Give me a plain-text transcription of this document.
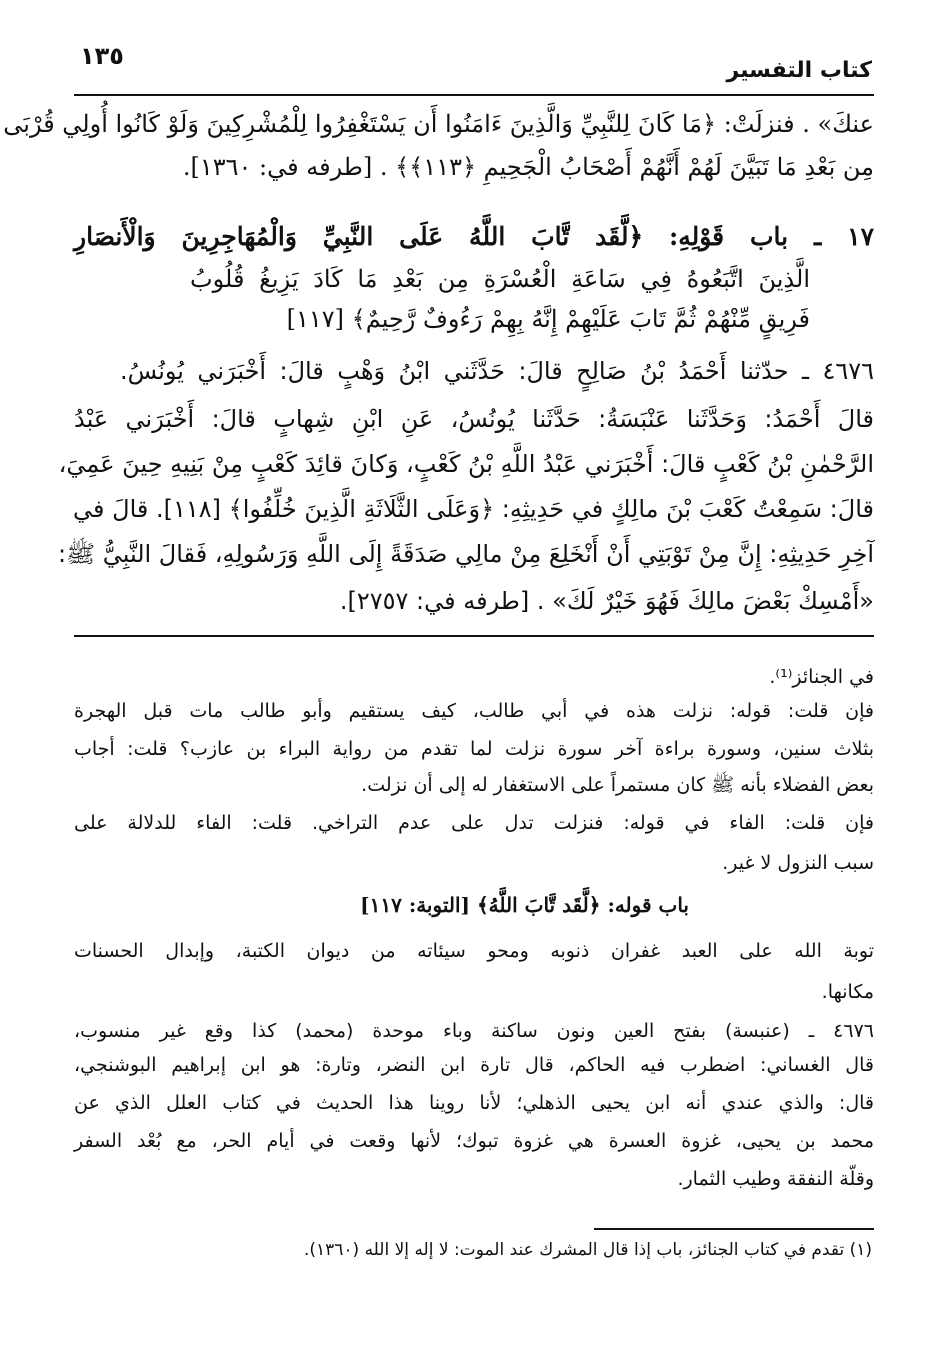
١٣٥
كتاب التفسير
عنكَ» . فنزلَتْ: ﴿مَا كَانَ لِلنَّبِيِّ وَالَّذِينَ ءَامَنُوا أَن يَسْتَغْفِرُوا لِلْمُشْرِكِينَ وَلَوْ كَانُوا أُولِي قُرْبَى
مِن بَعْدِ مَا تَبَيَّنَ لَهُمْ أَنَّهُمْ أَصْحَابُ الْجَحِيمِ ﴿١١٣﴾﴾ . [طرفه في: ١٣٦٠].
١٧ ـ باب قَوْلِهِ: ﴿لَّقَد تَّابَ اللَّهُ عَلَى النَّبِيِّ وَالْمُهَاجِرِينَ وَالْأَنصَارِ
الَّذِينَ اتَّبَعُوهُ فِي سَاعَةِ الْعُسْرَةِ مِن بَعْدِ مَا كَادَ يَزِيغُ قُلُوبُ
فَرِيقٍ مِّنْهُمْ ثُمَّ تَابَ عَلَيْهِمْ إِنَّهُ بِهِمْ رَءُوفٌ رَّحِيمٌ﴾ [١١٧]
٤٦٧٦ ـ حدّثنا أَحْمَدُ بْنُ صَالِحٍ قالَ: حَدَّثَني ابْنُ وَهْبٍ قالَ: أَخْبَرَني يُونُسُ.
قالَ أَحْمَدُ: وَحَدَّثَنا عَنْبَسَةُ: حَدَّثَنا يُونُسُ، عَنِ ابْنِ شِهابٍ قالَ: أَخْبَرَني عَبْدُ
الرَّحْمٰنِ بْنُ كَعْبٍ قالَ: أَخْبَرَني عَبْدُ اللَّهِ بْنُ كَعْبٍ، وَكانَ قائِدَ كَعْبٍ مِنْ بَنِيهِ حِينَ عَمِيَ،
قالَ: سَمِعْتُ كَعْبَ بْنَ مالِكٍ في حَدِيثِهِ: ﴿وَعَلَى الثَّلَاثَةِ الَّذِينَ خُلِّفُوا﴾ [١١٨]. قالَ في
آخِرِ حَدِيثِهِ: إِنَّ مِنْ تَوْبَتِي أَنْ أَنْخَلِعَ مِنْ مالِي صَدَقَةً إِلَى اللَّهِ وَرَسُولِهِ، فَقالَ النَّبِيُّ ﷺ:
«أَمْسِكْ بَعْضَ مالِكَ فَهُوَ خَيْرٌ لَكَ» . [طرفه في: ٢٧٥٧].
في الجنائز⁽¹⁾.
فإن قلت: قوله: نزلت هذه في أبي طالب، كيف يستقيم وأبو طالب مات قبل الهجرة
بثلاث سنين، وسورة براءة آخر سورة نزلت لما تقدم من رواية البراء بن عازب؟ قلت: أجاب
بعض الفضلاء بأنه ﷺ كان مستمراً على الاستغفار له إلى أن نزلت.
فإن قلت: الفاء في قوله: فنزلت تدل على عدم التراخي. قلت: الفاء للدلالة على
سبب النزول لا غير.
باب قوله: ﴿لَّقَد تَّابَ اللَّهُ﴾ [التوبة: ١١٧]
توبة الله على العبد غفران ذنوبه ومحو سيئاته من ديوان الكتبة، وإبدال الحسنات
مكانها.
٤٦٧٦ ـ (عنبسة) بفتح العين ونون ساكنة وباء موحدة (محمد) كذا وقع غير منسوب،
قال الغساني: اضطرب فيه الحاكم، قال تارة ابن النضر، وتارة: هو ابن إبراهيم البوشنجي،
قال: والذي عندي أنه ابن يحيى الذهلي؛ لأنا روينا هذا الحديث في كتاب العلل الذي عن
محمد بن يحيى، غزوة العسرة هي غزوة تبوك؛ لأنها وقعت في أيام الحر، مع بُعْد السفر
وقلّة النفقة وطيب الثمار.
(١) تقدم في كتاب الجنائز، باب إذا قال المشرك عند الموت: لا إله إلا الله (١٣٦٠).
